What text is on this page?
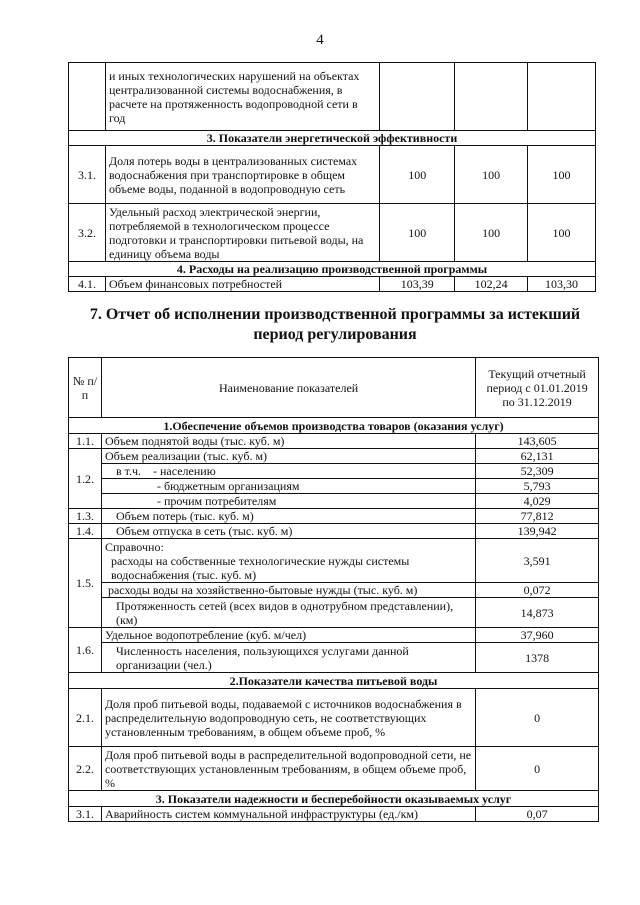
4
	и иных технологических нарушений на объектах централизованной системы водоснабжения, в расчете на протяженность водопроводной сети в год			
3. Показатели энергетической эффективности				
3.1.	Доля потерь воды в централизованных системах водоснабжения при транспортировке в общем объеме воды, поданной в водопроводную сеть	100	100	100
3.2.	Удельный расход электрической энергии, потребляемой в технологическом процессе подготовки и транспортировки питьевой воды, на единицу объема воды	100	100	100
4. Расходы на реализацию производственной программы				
4.1.	Объем финансовых потребностей	103,39	102,24	103,30
7. Отчет об исполнении производственной программы за истекший период регулирования
№ п/п	Наименование показателей	Текущий отчетный период с 01.01.2019 по 31.12.2019
1.Обеспечение объемов производства товаров (оказания услуг)		
1.1.	Объем поднятой воды (тыс. куб. м)	143,605
1.2.	Объем реализации (тыс. куб. м)	62,131
	в т.ч. - населению	52,309
	- бюджетным организациям	5,793
	- прочим потребителям	4,029
1.3.	Объем потерь (тыс. куб. м)	77,812
1.4.	Объем отпуска в сеть (тыс. куб. м)	139,942
1.5.	Справочно:
расходы на собственные технологические нужды системы водоснабжения (тыс. куб. м)	3,591
	расходы воды на хозяйственно-бытовые нужды (тыс. куб. м)	0,072
	Протяженность сетей (всех видов в однотрубном представлении), (км)	14,873
1.6.	Удельное водопотребление (куб. м/чел)	37,960
	Численность населения, пользующихся услугами данной организации (чел.)	1378
2.Показатели качества питьевой воды		
2.1.	Доля проб питьевой воды, подаваемой с источников водоснабжения в распределительную водопроводную сеть, не соответствующих установленным требованиям, в общем объеме проб, %	0
2.2.	Доля проб питьевой воды в распределительной водопроводной сети, не соответствующих установленным требованиям, в общем объеме проб, %	0
3. Показатели надежности и бесперебойности оказываемых услуг		
3.1.	Аварийность систем коммунальной инфраструктуры (ед./км)	0,07
